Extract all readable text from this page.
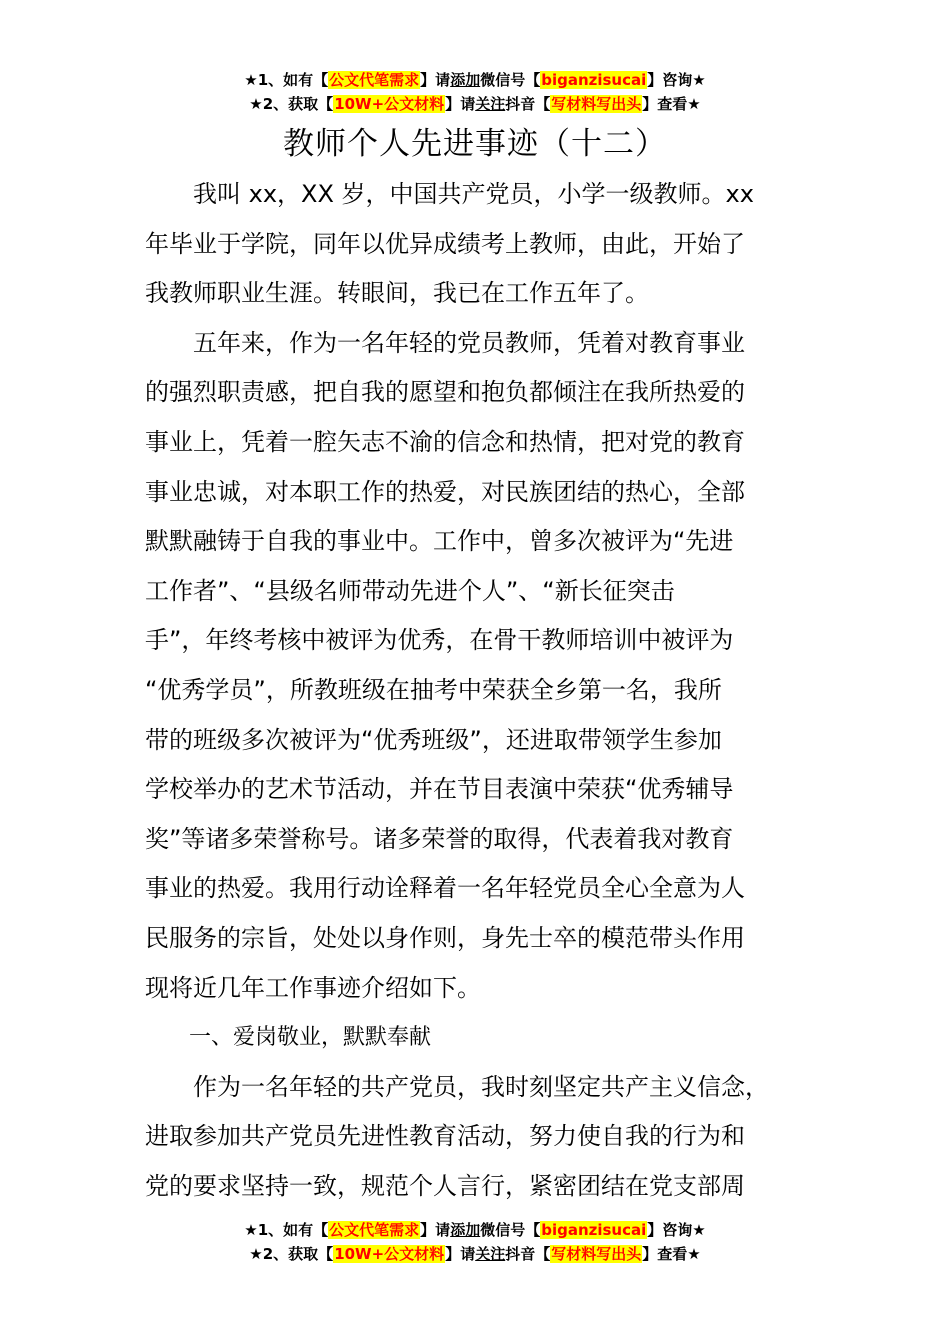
★1、如有【公文代笔需求】请添加微信号【biganzisucai】咨询★
★2、获取【10W+公文材料】请关注抖音【写材料写出头】查看★
教师个人先进事迹（十二）
我叫 xx，XX 岁，中国共产党员，小学一级教师。xx
年毕业于学院，同年以优异成绩考上教师，由此，开始了
我教师职业生涯。转眼间，我已在工作五年了。
五年来，作为一名年轻的党员教师，凭着对教育事业
的强烈职责感，把自我的愿望和抱负都倾注在我所热爱的
事业上，凭着一腔矢志不渝的信念和热情，把对党的教育
事业忠诚，对本职工作的热爱，对民族团结的热心，全部
默默融铸于自我的事业中。工作中，曾多次被评为“先进
工作者”、“县级名师带动先进个人”、“新长征突击
手”，年终考核中被评为优秀，在骨干教师培训中被评为
“优秀学员”，所教班级在抽考中荣获全乡第一名，我所
带的班级多次被评为“优秀班级”，还进取带领学生参加
学校举办的艺术节活动，并在节目表演中荣获“优秀辅导
奖”等诸多荣誉称号。诸多荣誉的取得，代表着我对教育
事业的热爱。我用行动诠释着一名年轻党员全心全意为人
民服务的宗旨，处处以身作则，身先士卒的模范带头作用
现将近几年工作事迹介绍如下。
一、爱岗敬业，默默奉献
作为一名年轻的共产党员，我时刻坚定共产主义信念，
进取参加共产党员先进性教育活动，努力使自我的行为和
党的要求坚持一致，规范个人言行，紧密团结在党支部周
★1、如有【公文代笔需求】请添加微信号【biganzisucai】咨询★
★2、获取【10W+公文材料】请关注抖音【写材料写出头】查看★
